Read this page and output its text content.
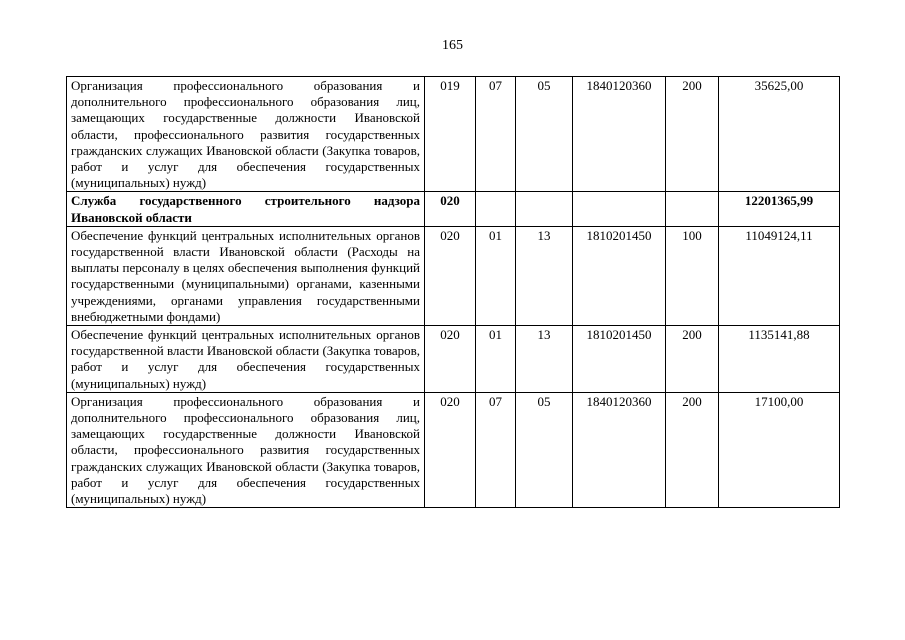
165
Организация профессионального образования и дополнительного профессионального образования лиц, замещающих государственные должности Ивановской области, профессионального развития государственных гражданских служащих Ивановской области (Закупка товаров, работ и услуг для обеспечения государственных (муниципальных) нужд)	019	07	05	1840120360	200	35625,00
Служба государственного строительного надзора Ивановской области	020					12201365,99
Обеспечение функций центральных исполнительных органов государственной власти Ивановской области (Расходы на выплаты персоналу в целях обеспечения выполнения функций государственными (муниципальными) органами, казенными учреждениями, органами управления государственными внебюджетными фондами)	020	01	13	1810201450	100	11049124,11
Обеспечение функций центральных исполнительных органов государственной власти Ивановской области (Закупка товаров, работ и услуг для обеспечения государственных (муниципальных) нужд)	020	01	13	1810201450	200	1135141,88
Организация профессионального образования и дополнительного профессионального образования лиц, замещающих государственные должности Ивановской области, профессионального развития государственных гражданских служащих Ивановской области (Закупка товаров, работ и услуг для обеспечения государственных (муниципальных) нужд)	020	07	05	1840120360	200	17100,00
